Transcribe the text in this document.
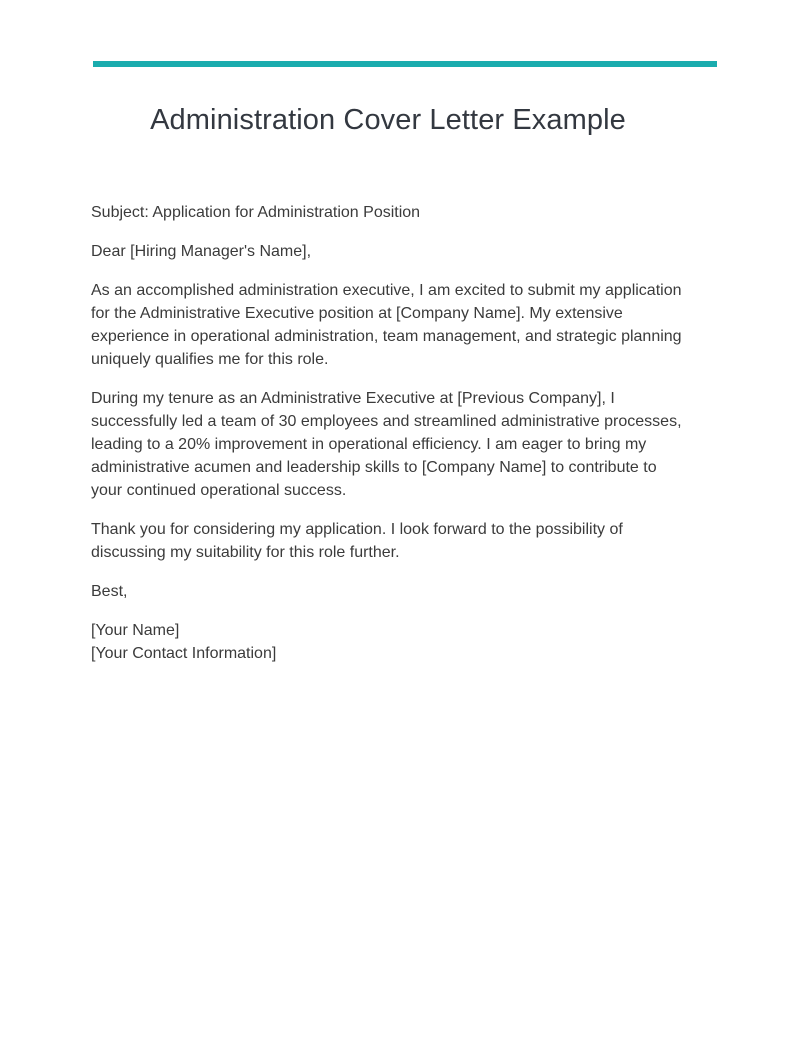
Administration Cover Letter Example

Subject: Application for Administration Position

Dear [Hiring Manager's Name],

As an accomplished administration executive, I am excited to submit my application for the Administrative Executive position at [Company Name]. My extensive experience in operational administration, team management, and strategic planning uniquely qualifies me for this role.

During my tenure as an Administrative Executive at [Previous Company], I successfully led a team of 30 employees and streamlined administrative processes, leading to a 20% improvement in operational efficiency. I am eager to bring my administrative acumen and leadership skills to [Company Name] to contribute to your continued operational success.

Thank you for considering my application. I look forward to the possibility of discussing my suitability for this role further.

Best,

[Your Name]
[Your Contact Information]
